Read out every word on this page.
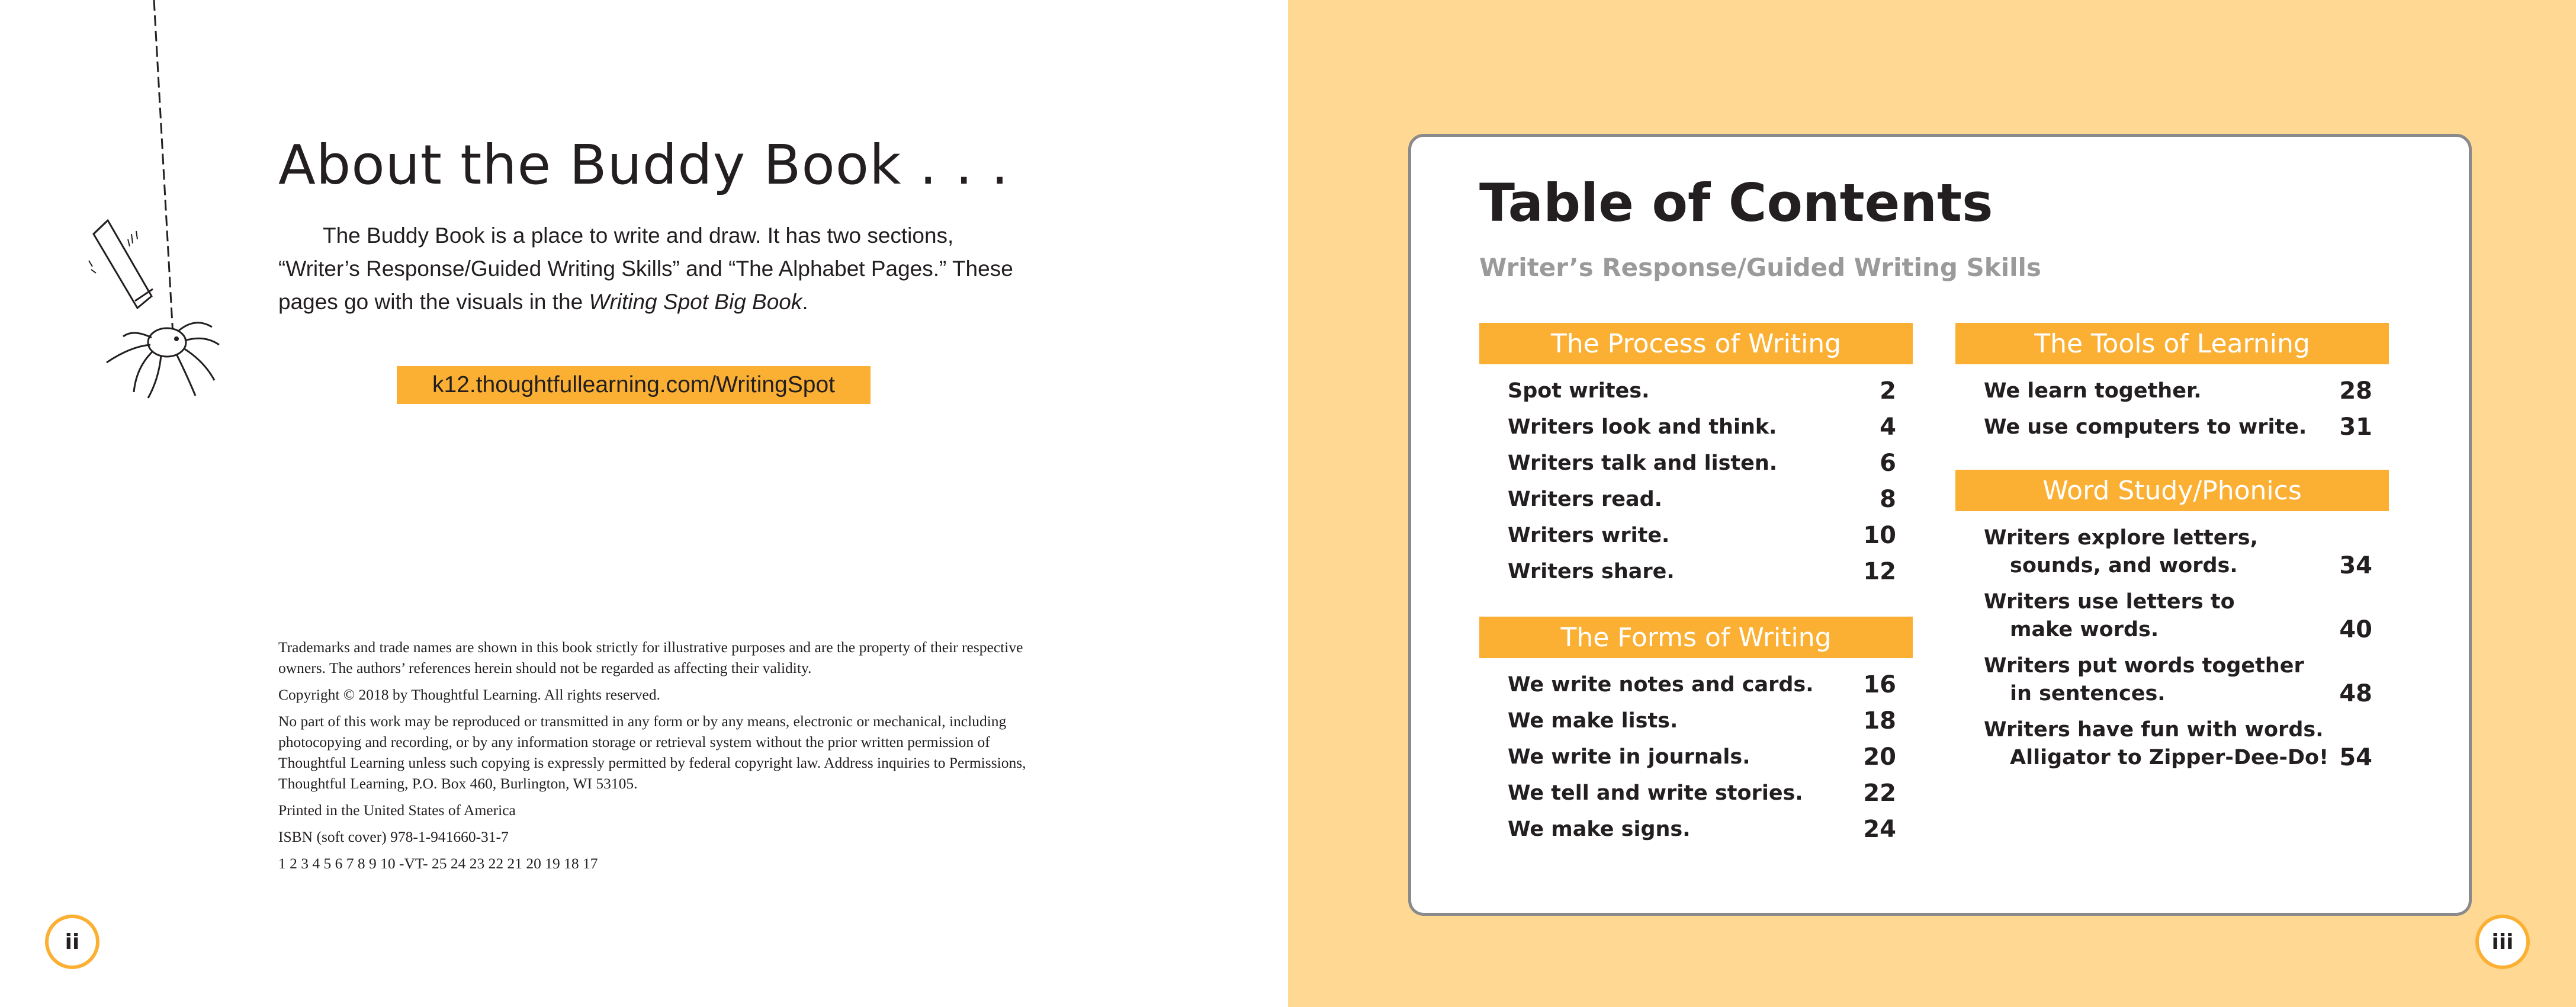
About the Buddy Book . . .

The Buddy Book is a place to write and draw. It has two sections, “Writer’s Response/Guided Writing Skills” and “The Alphabet Pages.” These pages go with the visuals in the Writing Spot Big Book.

k12.thoughtfullearning.com/WritingSpot
Trademarks and trade names are shown in this book strictly for illustrative purposes and are the property of their respective owners. The authors’ references herein should not be regarded as affecting their validity.
Copyright © 2018 by Thoughtful Learning. All rights reserved.
No part of this work may be reproduced or transmitted in any form or by any means, electronic or mechanical, including photocopying and recording, or by any information storage or retrieval system without the prior written permission of Thoughtful Learning unless such copying is expressly permitted by federal copyright law. Address inquiries to Permissions, Thoughtful Learning, P.O. Box 460, Burlington, WI 53105.
Printed in the United States of America
ISBN (soft cover) 978-1-941660-31-7
1 2 3 4 5 6 7 8 9 10 -VT- 25 24 23 22 21 20 19 18 17
ii
Table of Contents
Writer’s Response/Guided Writing Skills
The Process of Writing
Spot writes.	2
Writers look and think.	4
Writers talk and listen.	6
Writers read.	8
Writers write.	10
Writers share.	12
The Forms of Writing
We write notes and cards. 16
We make lists.	18
We write in journals.	20
We tell and write stories.	22
We make signs.	24
The Tools of Learning
We learn together.	28
We use computers to write. 31
Word Study/Phonics
Writers explore letters,
sounds, and words.	34
Writers use letters to
make words.	40
Writers put words together
in sentences.	48
Writers have fun with words.
Alligator to Zipper-Dee-Do! 54
iii
